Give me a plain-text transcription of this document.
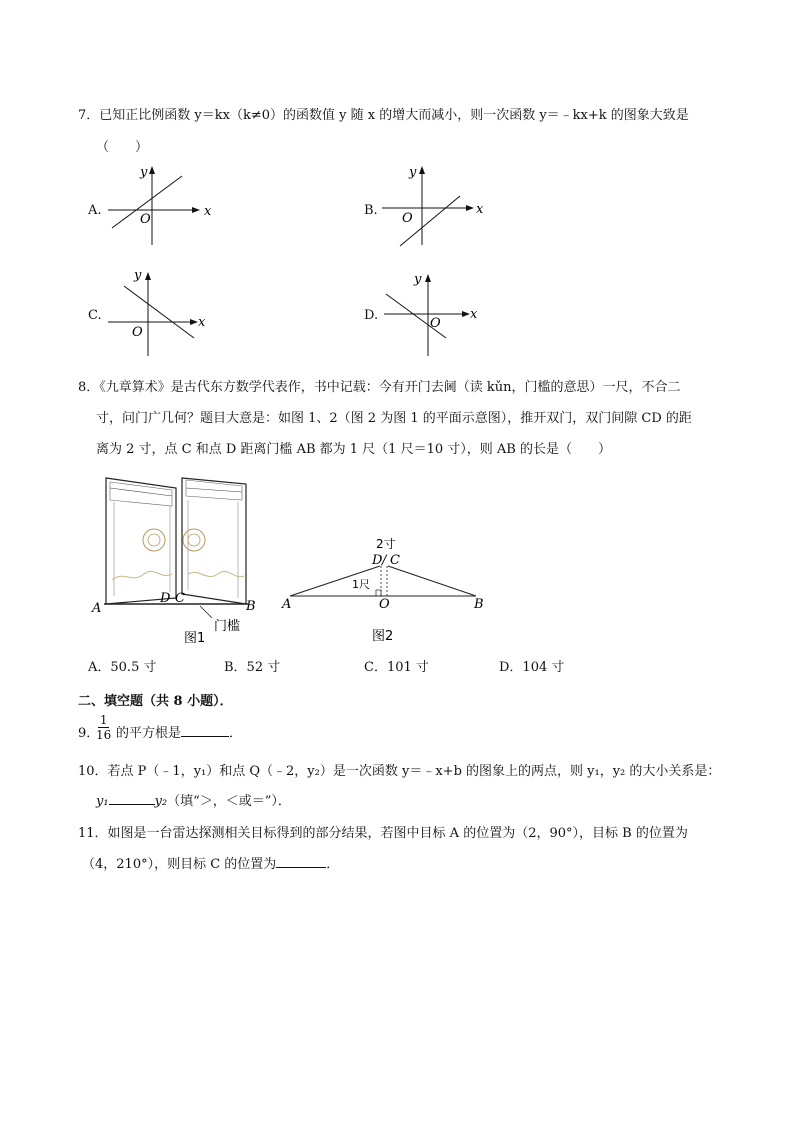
7．已知正比例函数 y＝kx（k≠0）的函数值 y 随 x 的增大而减小，则一次函数 y＝﹣kx+k 的图象大致是
（　　）
A.	x
y
O
B.	x
y
O
C.	x
y
O
D.	x
y
O
8．《九章算术》是古代东方数学代表作，书中记载：今有开门去阃（读 kǔn，门槛的意思）一尺，不合二
寸，问门广几何？题目大意是：如图 1、2（图 2 为图 1 的平面示意图），推开双门，双门间隙 CD 的距
离为 2 寸，点 C 和点 D 距离门槛 AB 都为 1 尺（1 尺＝10 寸），则 AB 的长是（　　）
A	B
D C
门槛
图1
2寸
D / C
1尺
A	O	B
图2
A．50.5 寸	B．52 寸	C．101 寸	D．104 寸
二、填空题（共 8 小题）．
9．
$\frac{1}{16}$ 的平方根是	．
10．若点 P（﹣1，y₁）和点 Q（﹣2，y₂）是一次函数 y＝﹣x+b 的图象上的两点，则 y₁，y₂ 的大小关系是：
y₁	y₂（填“＞，＜或＝”）．
11．如图是一台雷达探测相关目标得到的部分结果，若图中目标 A 的位置为（2，90°），目标 B 的位置为
（4，210°），则目标 C 的位置为	．
